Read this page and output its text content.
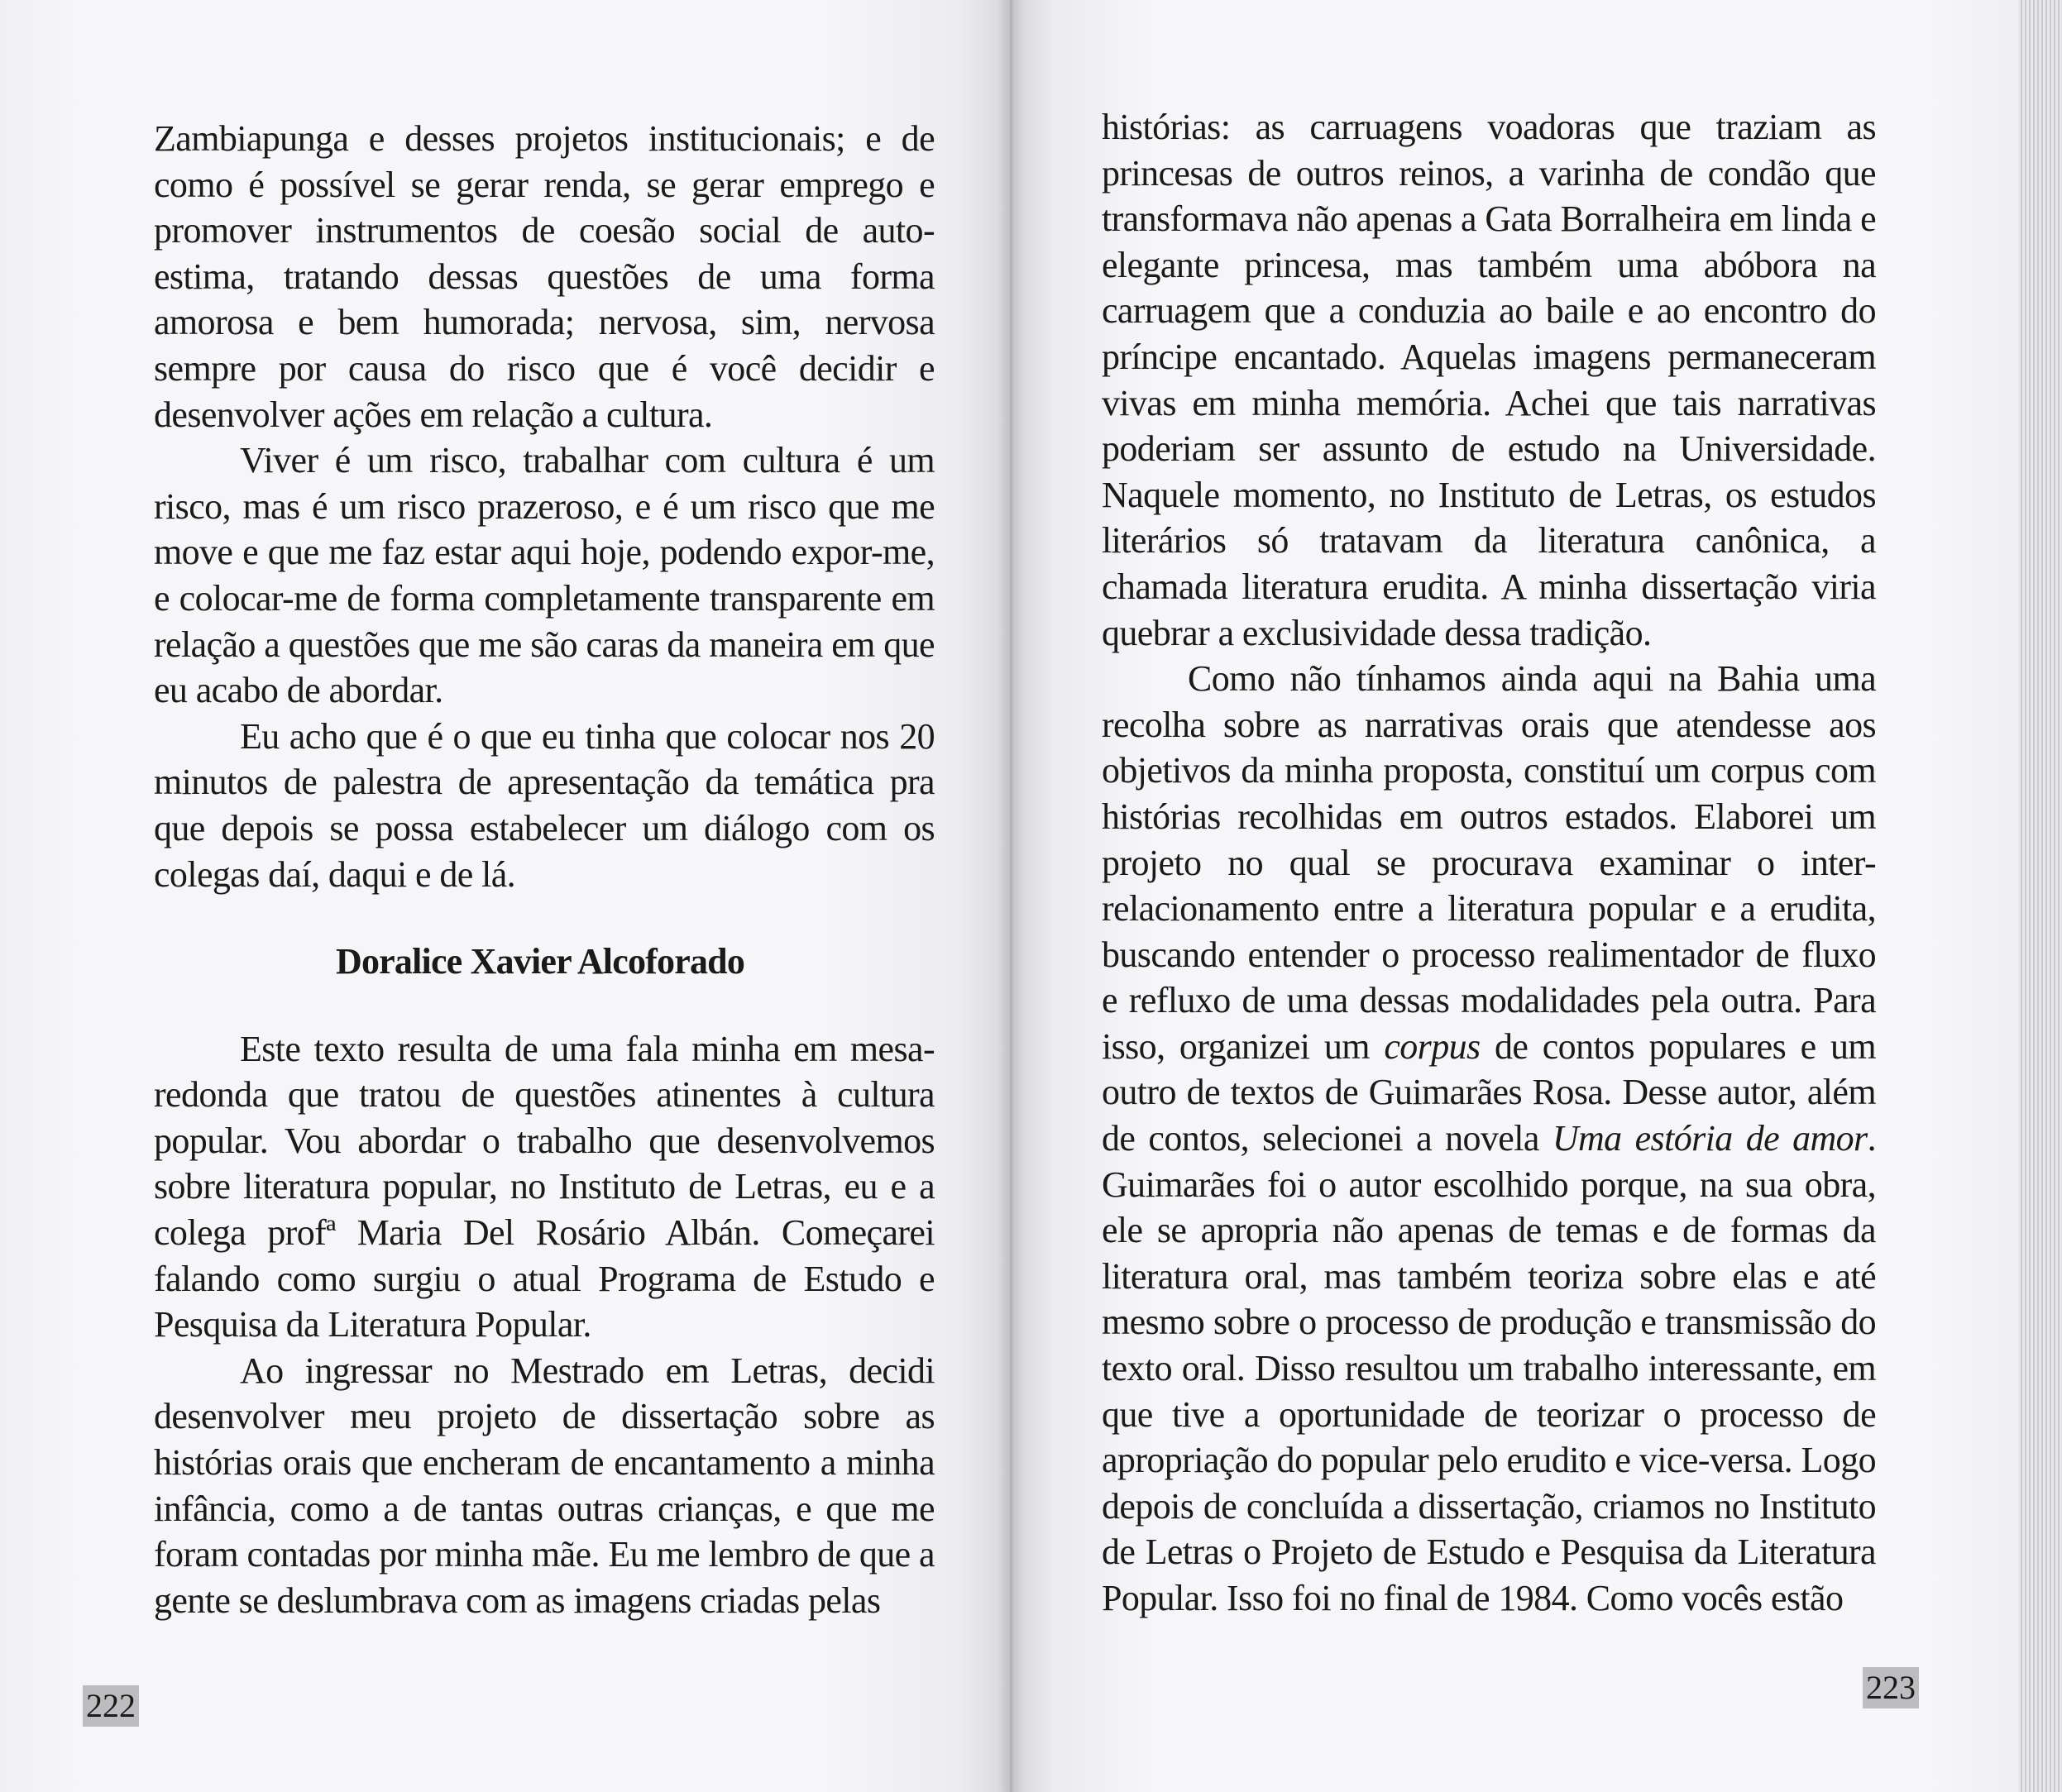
Zambiapunga e desses projetos institucionais; e de como é possível se gerar renda, se gerar emprego e promover instrumentos de coesão social de auto-estima, tratando dessas questões de uma forma amorosa e bem humorada; nervosa, sim, nervosa sempre por causa do risco que é você decidir e desenvolver ações em relação a cultura.

Viver é um risco, trabalhar com cultura é um risco, mas é um risco prazeroso, e é um risco que me move e que me faz estar aqui hoje, podendo expor-me, e colocar-me de forma completamente transparente em relação a questões que me são caras da maneira em que eu acabo de abordar.

Eu acho que é o que eu tinha que colocar nos 20 minutos de palestra de apresentação da temática pra que depois se possa estabelecer um diálogo com os colegas daí, daqui e de lá.

Doralice Xavier Alcoforado

Este texto resulta de uma fala minha em mesa-redonda que tratou de questões atinentes à cultura popular. Vou abordar o trabalho que desenvolvemos sobre literatura popular, no Instituto de Letras, eu e a colega profª Maria Del Rosário Albán. Começarei falando como surgiu o atual Programa de Estudo e Pesquisa da Literatura Popular.

Ao ingressar no Mestrado em Letras, decidi desenvolver meu projeto de dissertação sobre as histórias orais que encheram de encantamento a minha infância, como a de tantas outras crianças, e que me foram contadas por minha mãe. Eu me lembro de que a gente se deslumbrava com as imagens criadas pelas

222

histórias: as carruagens voadoras que traziam as princesas de outros reinos, a varinha de condão que transformava não apenas a Gata Borralheira em linda e elegante princesa, mas também uma abóbora na carruagem que a conduzia ao baile e ao encontro do príncipe encantado. Aquelas imagens permaneceram vivas em minha memória. Achei que tais narrativas poderiam ser assunto de estudo na Universidade. Naquele momento, no Instituto de Letras, os estudos literários só tratavam da literatura canônica, a chamada literatura erudita. A minha dissertação viria quebrar a exclusividade dessa tradição.

Como não tínhamos ainda aqui na Bahia uma recolha sobre as narrativas orais que atendesse aos objetivos da minha proposta, constituí um corpus com histórias recolhidas em outros estados. Elaborei um projeto no qual se procurava examinar o inter-relacionamento entre a literatura popular e a erudita, buscando entender o processo realimentador de fluxo e refluxo de uma dessas modalidades pela outra. Para isso, organizei um corpus de contos populares e um outro de textos de Guimarães Rosa. Desse autor, além de contos, selecionei a novela Uma estória de amor. Guimarães foi o autor escolhido porque, na sua obra, ele se apropria não apenas de temas e de formas da literatura oral, mas também teoriza sobre elas e até mesmo sobre o processo de produção e transmissão do texto oral. Disso resultou um trabalho interessante, em que tive a oportunidade de teorizar o processo de apropriação do popular pelo erudito e vice-versa. Logo depois de concluída a dissertação, criamos no Instituto de Letras o Projeto de Estudo e Pesquisa da Literatura Popular. Isso foi no final de 1984. Como vocês estão

223
